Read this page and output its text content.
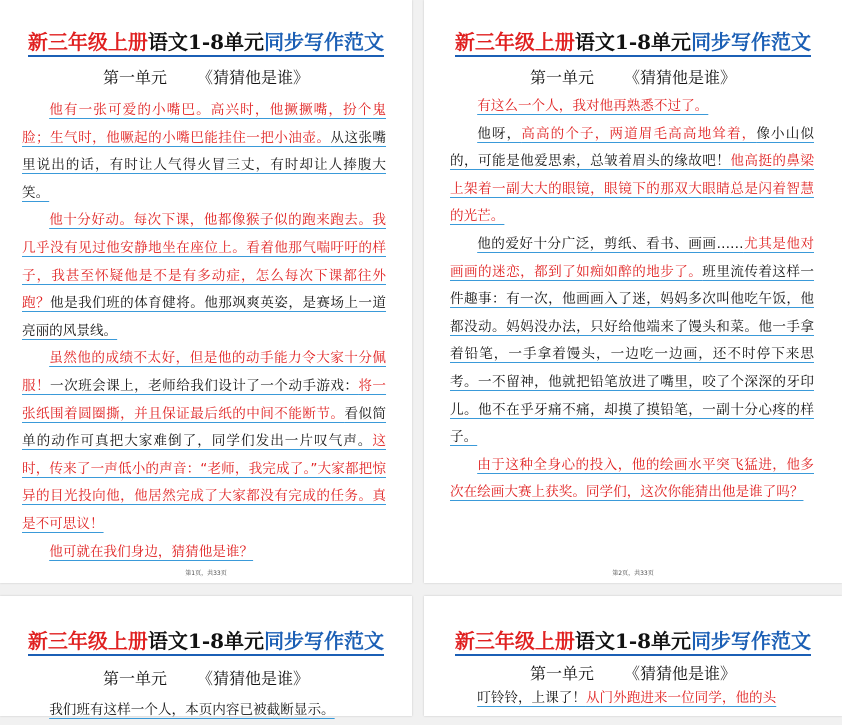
新三年级上册语文1-8单元同步写作范文
第一单元 《猜猜他是谁》

他有一张可爱的小嘴巴。高兴时，他撅撅嘴，扮个鬼脸；生气时，他噘起的小嘴巴能挂住一把小油壶。从这张嘴里说出的话，有时让人气得火冒三丈，有时却让人捧腹大笑。

他十分好动。每次下课，他都像猴子似的跑来跑去。我几乎没有见过他安静地坐在座位上。看着他那气喘吁吁的样子，我甚至怀疑他是不是有多动症，怎么每次下课都往外跑？他是我们班的体育健将。他那飒爽英姿，是赛场上一道亮丽的风景线。

虽然他的成绩不太好，但是他的动手能力令大家十分佩服！一次班会课上，老师给我们设计了一个动手游戏：将一张纸围着圆圈撕，并且保证最后纸的中间不能断节。看似简单的动作可真把大家难倒了，同学们发出一片叹气声。这时，传来了一声低小的声音：“老师，我完成了。”大家都把惊异的目光投向他，他居然完成了大家都没有完成的任务。真是不可思议！

他可就在我们身边，猜猜他是谁？

第1页，共33页
新三年级上册语文1-8单元同步写作范文
第一单元 《猜猜他是谁》

有这么一个人，我对他再熟悉不过了。

他呀，高高的个子，两道眉毛高高地耸着，像小山似的，可能是他爱思索，总皱着眉头的缘故吧！他高挺的鼻梁上架着一副大大的眼镜，眼镜下的那双大眼睛总是闪着智慧的光芒。

他的爱好十分广泛，剪纸、看书、画画……尤其是他对画画的迷恋，都到了如痴如醉的地步了。班里流传着这样一件趣事：有一次，他画画入了迷，妈妈多次叫他吃午饭，他都没动。妈妈没办法，只好给他端来了馒头和菜。他一手拿着铅笔，一手拿着馒头，一边吃一边画，还不时停下来思考。一不留神，他就把铅笔放进了嘴里，咬了个深深的牙印儿。他不在乎牙痛不痛，却摸了摸铅笔，一副十分心疼的样子。

由于这种全身心的投入，他的绘画水平突飞猛进，他多次在绘画大赛上获奖。同学们，这次你能猜出他是谁了吗？

第2页，共33页
新三年级上册语文1-8单元同步写作范文
第一单元 《猜猜他是谁》

我们班有这样一个人，本页内容已被截断显示。

新三年级上册语文1-8单元同步写作范文
第一单元 《猜猜他是谁》

叮铃铃，上课了！从门外跑进来一位同学，他的头
